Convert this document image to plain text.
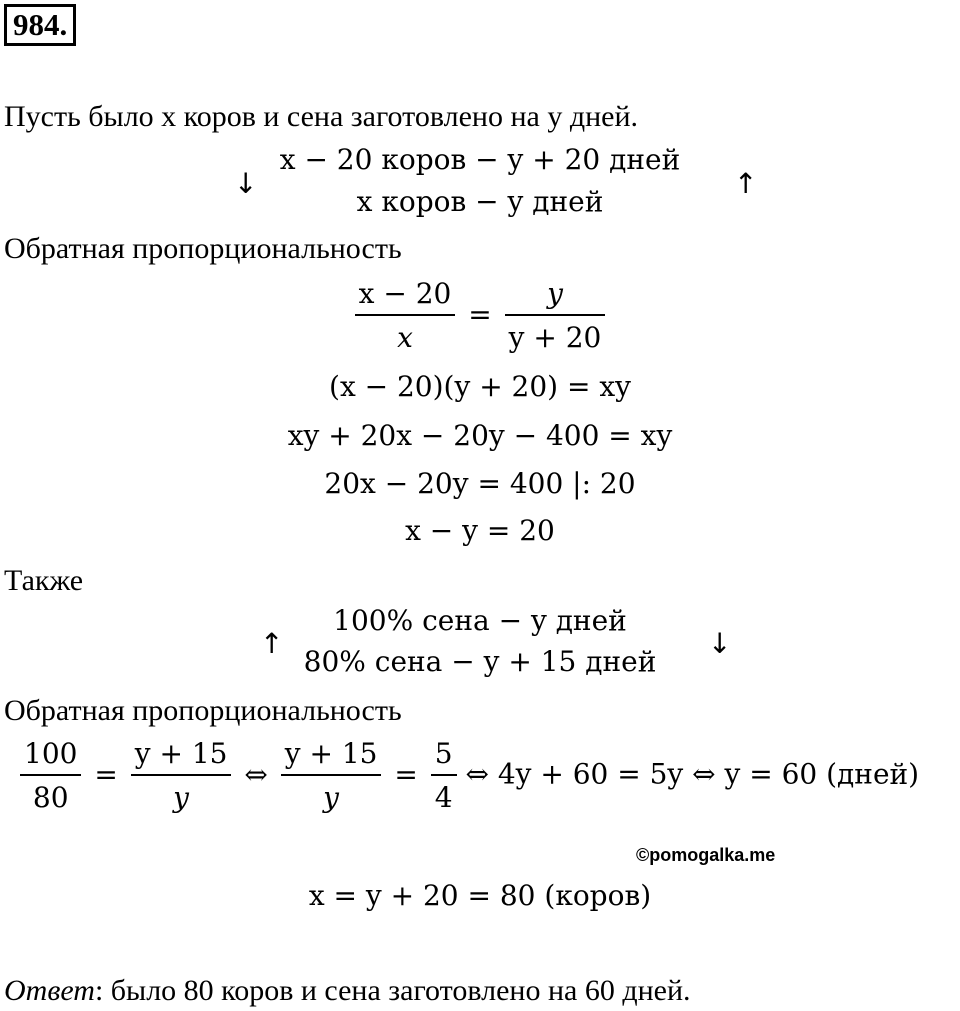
984.
Пусть было x коров и сена заготовлено на y дней.
↓
x − 20 коров − y + 20 дней
x коров − y дней
↑
Обратная пропорциональность
$\frac{x - 20}{x} = \frac{y}{y + 20}$
(x − 20)(y + 20) = xy
xy + 20x − 20y − 400 = xy
20x − 20y = 400 |: 20
x − y = 20
Также
↑
100% сена − y дней
80% сена − y + 15 дней
↓
Обратная пропорциональность
$\frac{100}{80} = \frac{y + 15}{y}$ ⇔ $\frac{y + 15}{y} = \frac{5}{4}$ ⇔ 4y + 60 = 5y ⇔ y = 60 (дней)
©pomogalka.me
x = y + 20 = 80 (коров)
Ответ: было 80 коров и сена заготовлено на 60 дней.
